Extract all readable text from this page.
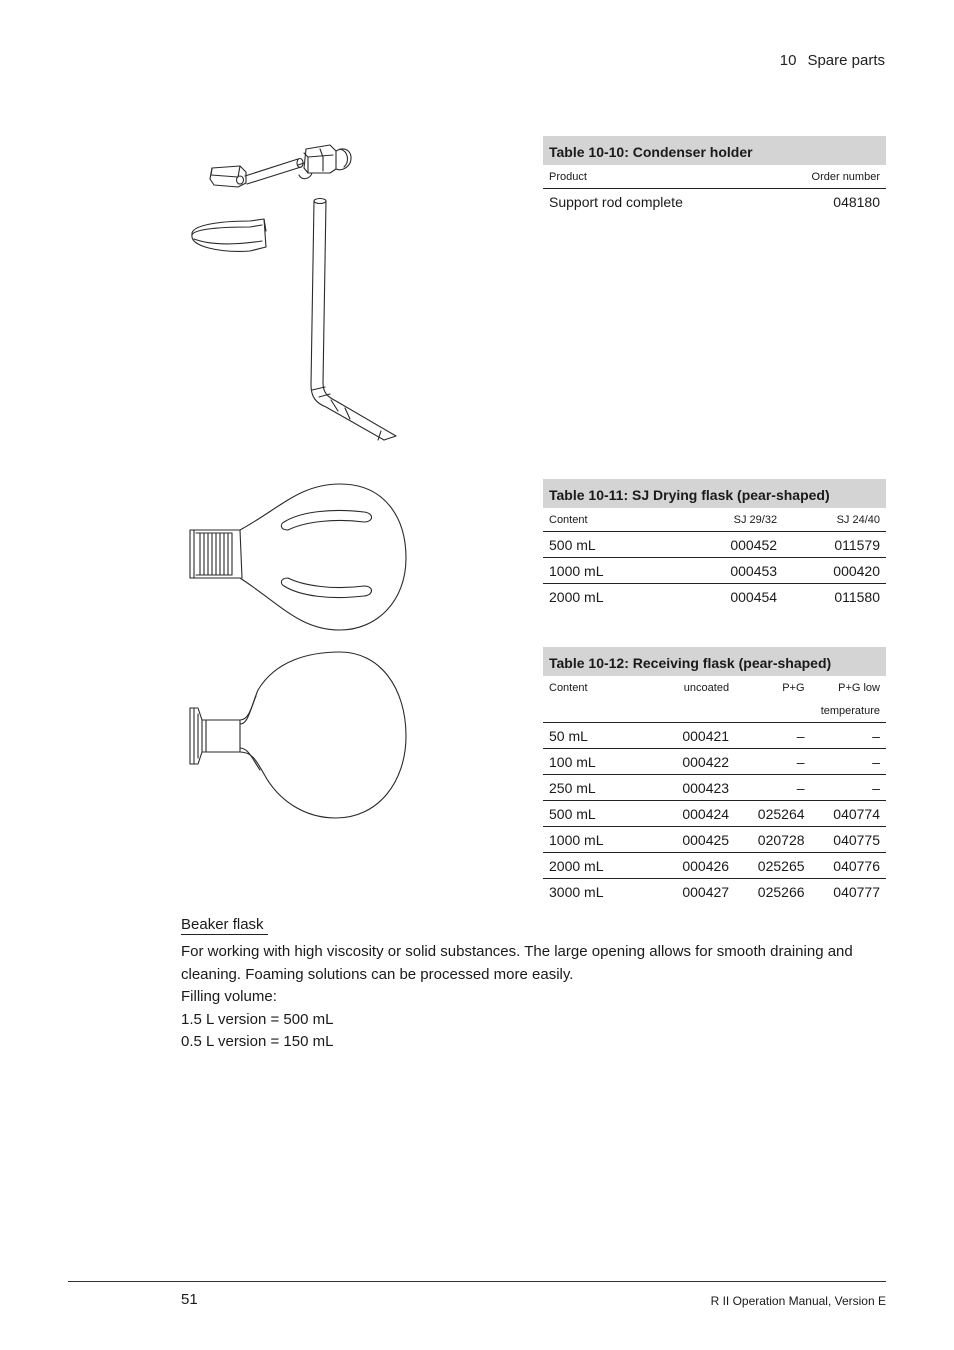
10 Spare parts
Table 10-10: Condenser holder	
Product	Order number
Support rod complete	048180
Table 10-11: SJ Drying flask (pear-shaped)		
Content	SJ 29/32	SJ 24/40
500 mL	000452	011579
1000 mL	000453	000420
2000 mL	000454	011580
Table 10-12: Receiving flask (pear-shaped)			
Content	uncoated	P+G	P+G low
			temperature
50 mL	000421	–	–
100 mL	000422	–	–
250 mL	000423	–	–
500 mL	000424	025264	040774
1000 mL	000425	020728	040775
2000 mL	000426	025265	040776
3000 mL	000427	025266	040777
Beaker flask

For working with high viscosity or solid substances. The large opening allows for smooth draining and cleaning. Foaming solutions can be processed more easily.

Filling volume:

1.5 L version = 500 mL

0.5 L version = 150 mL

51	R II Operation Manual, Version E
